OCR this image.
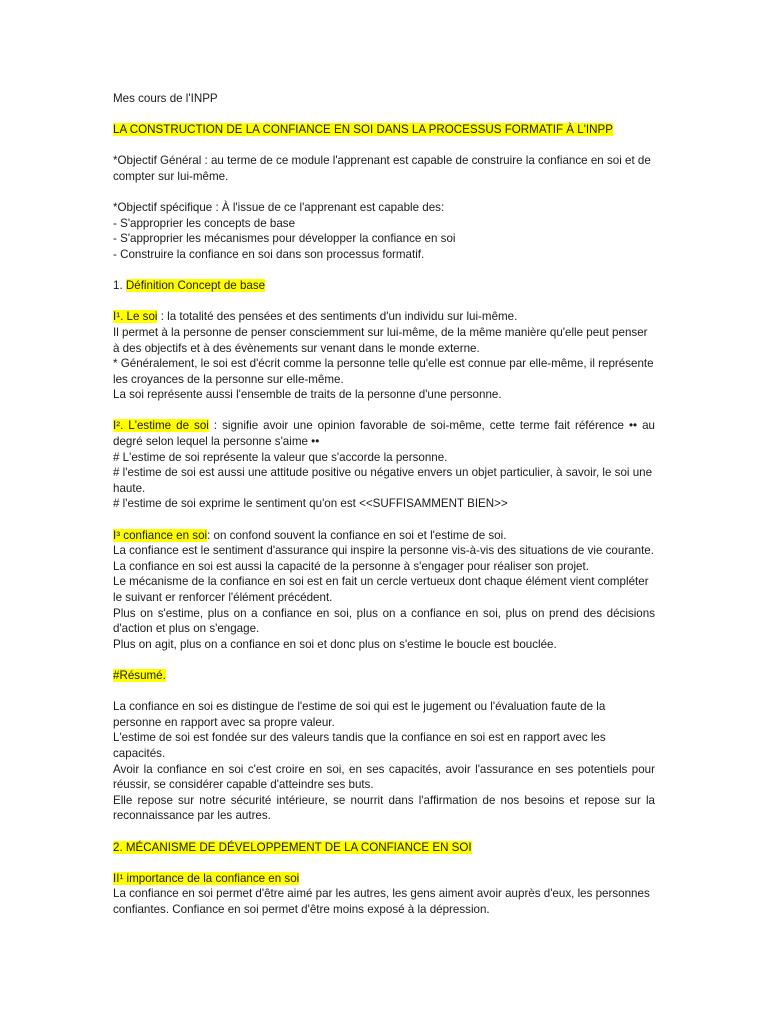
Mes cours de l'INPP

LA CONSTRUCTION DE LA CONFIANCE EN SOI DANS LA PROCESSUS FORMATIF À L'INPP

*Objectif Général : au terme de ce module l'apprenant est capable de construire la confiance en soi et de compter sur lui-même.

*Objectif spécifique : À l'issue de ce l'apprenant est capable des:

- S'approprier les concepts de base

- S'approprier les mécanismes pour développer la confiance en soi

- Construire la confiance en soi dans son processus formatif.

1. Définition Concept de base

I¹. Le soi : la totalité des pensées et des sentiments d'un individu sur lui-même.

Il permet à la personne de penser consciemment sur lui-même, de la même manière qu'elle peut penser à des objectifs et à des évènements sur venant dans le monde externe.

* Généralement, le soi est d'écrit comme la personne telle qu'elle est connue par elle-même, il représente les croyances de la personne sur elle-même.

La soi représente aussi l'ensemble de traits de la personne d'une personne.

I². L'estime de soi : signifie avoir une opinion favorable de soi-même, cette terme fait référence •• au degré selon lequel la personne s'aime ••

# L'estime de soi représente la valeur que s'accorde la personne.

# l'estime de soi est aussi une attitude positive ou négative envers un objet particulier, à savoir, le soi une haute.

# l'estime de soi exprime le sentiment qu'on est <<SUFFISAMMENT BIEN>>

I³ confiance en soi: on confond souvent la confiance en soi et l'estime de soi.

La confiance est le sentiment d'assurance qui inspire la personne vis-à-vis des situations de vie courante.

La confiance en soi est aussi la capacité de la personne à s'engager pour réaliser son projet.

Le mécanisme de la confiance en soi est en fait un cercle vertueux dont chaque élément vient compléter le suivant er renforcer l'élément précédent.

Plus on s'estime, plus on a confiance en soi, plus on a confiance en soi, plus on prend des décisions d'action et plus on s'engage.

Plus on agit, plus on a confiance en soi et donc plus on s'estime le boucle est bouclée.

#Résumé.

La confiance en soi es distingue de l'estime de soi qui est le jugement ou l'évaluation faute de la personne en rapport avec sa propre valeur.

L'estime de soi est fondée sur des valeurs tandis que la confiance en soi est en rapport avec les capacités.

Avoir la confiance en soi c'est croire en soi, en ses capacités, avoir l'assurance en ses potentiels pour réussir, se considérer capable d'atteindre ses buts.

Elle repose sur notre sécurité intérieure, se nourrit dans l'affirmation de nos besoins et repose sur la reconnaissance par les autres.

2. MÉCANISME DE DÉVELOPPEMENT DE LA CONFIANCE EN SOI

II¹ importance de la confiance en soi

La confiance en soi permet d'être aimé par les autres, les gens aiment avoir auprès d'eux, les personnes confiantes. Confiance en soi permet d'être moins exposé à la dépression.
